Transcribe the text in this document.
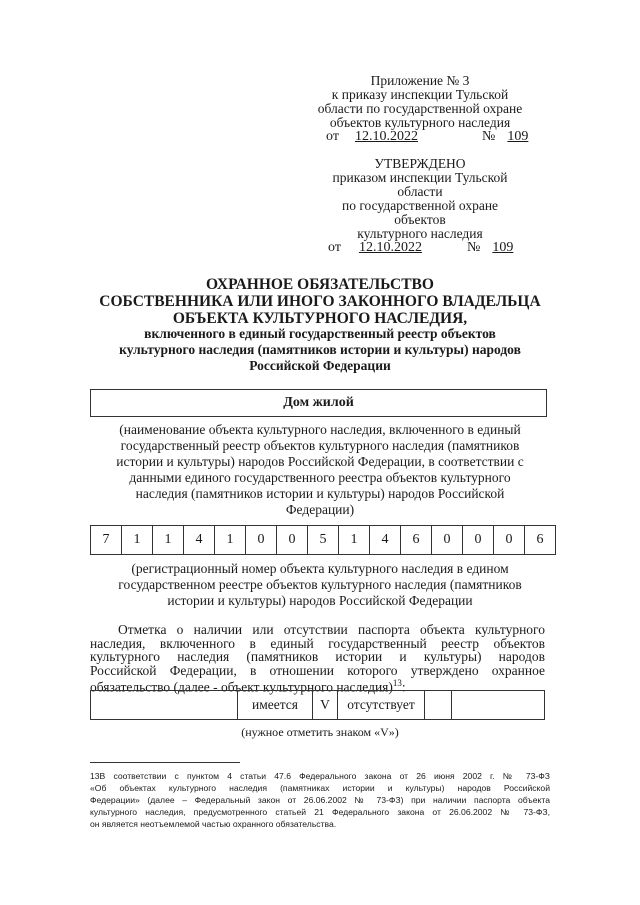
Приложение № 3
к приказу инспекции Тульской
области по государственной охране
объектов культурного наследия
от 12.10.2022	№ 109
УТВЕРЖДЕНО
приказом инспекции Тульской
области
по государственной охране
объектов
культурного наследия
от 12.10.2022	№ 109
ОХРАННОЕ ОБЯЗАТЕЛЬСТВО
СОБСТВЕННИКА ИЛИ ИНОГО ЗАКОННОГО ВЛАДЕЛЬЦА
ОБЪЕКТА КУЛЬТУРНОГО НАСЛЕДИЯ,
включенного в единый государственный реестр объектов
культурного наследия (памятников истории и культуры) народов
Российской Федерации
Дом жилой
(наименование объекта культурного наследия, включенного в единый
государственный реестр объектов культурного наследия (памятников
истории и культуры) народов Российской Федерации, в соответствии с
данными единого государственного реестра объектов культурного
наследия (памятников истории и культуры) народов Российской
Федерации)
7	1	1	4	1	0	0	5	1	4	6	0	0	0	6
(регистрационный номер объекта культурного наследия в едином
государственном реестре объектов культурного наследия (памятников
истории и культуры) народов Российской Федерации
Отметка о наличии или отсутствии паспорта объекта культурного
наследия, включенного в единый государственный реестр объектов
культурного наследия (памятников истории и культуры) народов
Российской Федерации, в отношении которого утверждено охранное
обязательство (далее - объект культурного наследия)$^{13}$:
	имеется	V	отсутствует		
(нужное отметить знаком «V»)
13В соответствии с пунктом 4 статьи 47.6 Федерального закона от 26 июня 2002 г. № 73-ФЗ
«Об объектах культурного наследия (памятниках истории и культуры) народов Российской
Федерации» (далее – Федеральный закон от 26.06.2002 № 73-ФЗ) при наличии паспорта объекта
культурного наследия, предусмотренного статьей 21 Федерального закона от 26.06.2002 № 73-ФЗ,
он является неотъемлемой частью охранного обязательства.
